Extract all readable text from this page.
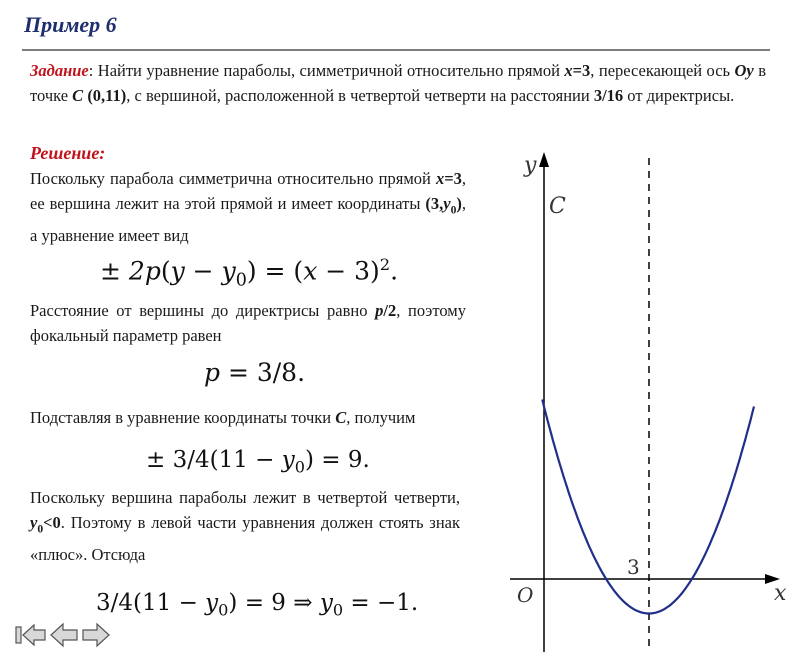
Пример 6
Задание: Найти уравнение параболы, симметричной относительно прямой x=3, пересекающей ось Oy в точке C (0,11), с вершиной, расположенной в четвертой четверти на расстоянии 3/16 от директрисы.
Решение:
Поскольку парабола симметрична относительно прямой x=3, ее вершина лежит на этой прямой и имеет координаты $(3,y_0)$, а уравнение имеет вид
± $2p(y - y_0) = (x - 3)^2$.
Расстояние от вершины до директрисы равно p/2, поэтому фокальный параметр равен
p = 3/8.
Подставляя в уравнение координаты точки C, получим
± $3/4(11 - y_0) = 9$.
Поскольку вершина параболы лежит в четвертой четверти, $y_0<0$. Поэтому в левой части уравнения должен стоять знак «плюс». Отсюда
$3/4(11 - y_0) = 9$ ⇒ $y_0 = -1$.
y
x
O
C
3
